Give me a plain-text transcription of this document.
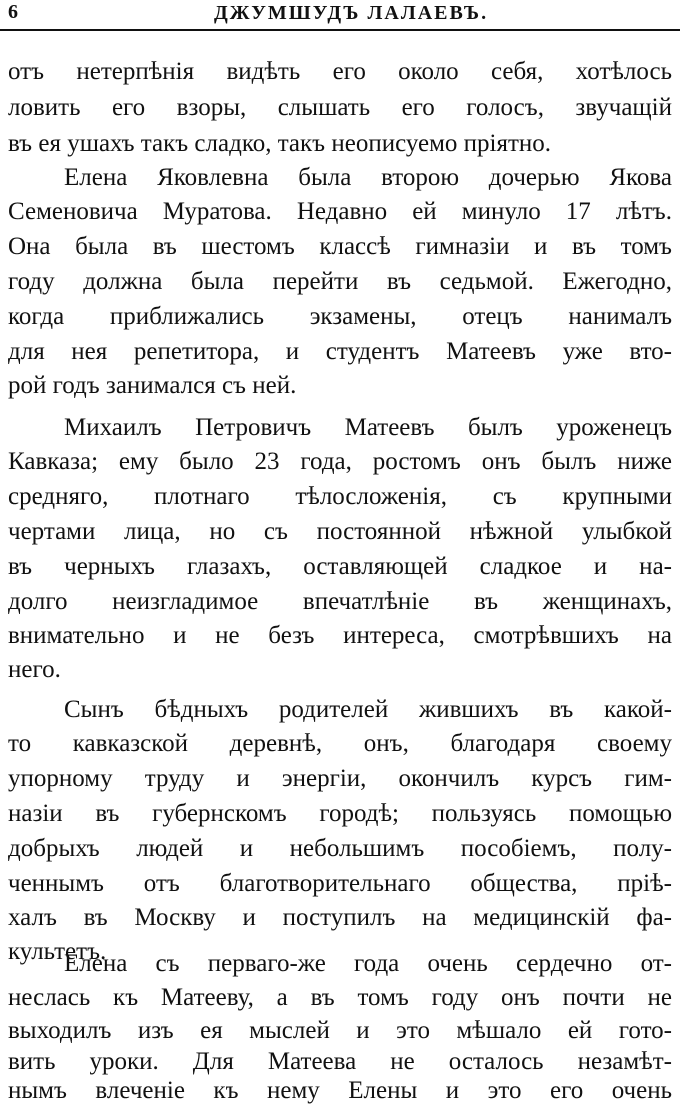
6	ДЖУМШУДЪ ЛАЛАЕВЪ.
отъ нетерпѣнія видѣть его около себя, хотѣлось
ловить его взоры, слышать его голосъ, звучащій
въ ея ушахъ такъ сладко, такъ неописуемо пріятно.
Елена Яковлевна была второю дочерью Якова
Семеновича Муратова. Недавно ей минуло 17 лѣтъ.
Она была въ шестомъ классѣ гимназіи и въ томъ
году должна была перейти въ седьмой. Ежегодно,
когда приближались экзамены, отецъ нанималъ
для нея репетитора, и студентъ Матеевъ уже вто-
рой годъ занимался съ ней.
Михаилъ Петровичъ Матеевъ былъ уроженецъ
Кавказа; ему было 23 года, ростомъ онъ былъ ниже
средняго, плотнаго тѣлосложенія, съ крупными
чертами лица, но съ постоянной нѣжной улыбкой
въ черныхъ глазахъ, оставляющей сладкое и на-
долго неизгладимое впечатлѣніе въ женщинахъ,
внимательно и не безъ интереса, смотрѣвшихъ на
него.
Сынъ бѣдныхъ родителей жившихъ въ какой-
то кавказской деревнѣ, онъ, благодаря своему
упорному труду и энергіи, окончилъ курсъ гим-
назіи въ губернскомъ городѣ; пользуясь помощью
добрыхъ людей и небольшимъ пособіемъ, полу-
ченнымъ отъ благотворительнаго общества, пріѣ-
халъ въ Москву и поступилъ на медицинскій фа-
культетъ.
Елена съ перваго-же года очень сердечно от-
неслась къ Матееву, а въ томъ году онъ почти не
выходилъ изъ ея мыслей и это мѣшало ей гото-
вить уроки. Для Матеева не осталось незамѣт-
нымъ влеченіе къ нему Елены и это его очень
